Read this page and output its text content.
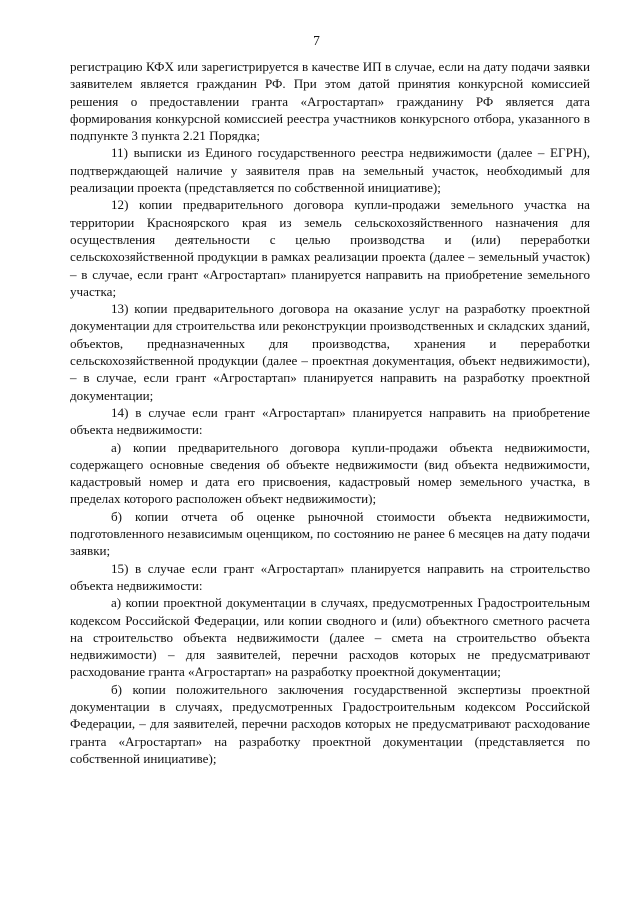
7

регистрацию КФХ или зарегистрируется в качестве ИП в случае, если на дату подачи заявки заявителем является гражданин РФ. При этом датой принятия конкурсной комиссией решения о предоставлении гранта «Агростартап» гражданину РФ является дата формирования конкурсной комиссией реестра участников конкурсного отбора, указанного в подпункте 3 пункта 2.21 Порядка;

11) выписки из Единого государственного реестра недвижимости (далее – ЕГРН), подтверждающей наличие у заявителя прав на земельный участок, необходимый для реализации проекта (представляется по собственной инициативе);

12) копии предварительного договора купли-продажи земельного участка на территории Красноярского края из земель сельскохозяйственного назначения для осуществления деятельности с целью производства и (или) переработки сельскохозяйственной продукции в рамках реализации проекта (далее – земельный участок) – в случае, если грант «Агростартап» планируется направить на приобретение земельного участка;

13) копии предварительного договора на оказание услуг на разработку проектной документации для строительства или реконструкции производственных и складских зданий, объектов, предназначенных для производства, хранения и переработки сельскохозяйственной продукции (далее – проектная документация, объект недвижимости), – в случае, если грант «Агростартап» планируется направить на разработку проектной документации;

14) в случае если грант «Агростартап» планируется направить на приобретение объекта недвижимости:

а) копии предварительного договора купли-продажи объекта недвижимости, содержащего основные сведения об объекте недвижимости (вид объекта недвижимости, кадастровый номер и дата его присвоения, кадастровый номер земельного участка, в пределах которого расположен объект недвижимости);

б) копии отчета об оценке рыночной стоимости объекта недвижимости, подготовленного независимым оценщиком, по состоянию не ранее 6 месяцев на дату подачи заявки;

15) в случае если грант «Агростартап» планируется направить на строительство объекта недвижимости:

а) копии проектной документации в случаях, предусмотренных Градостроительным кодексом Российской Федерации, или копии сводного и (или) объектного сметного расчета на строительство объекта недвижимости (далее – смета на строительство объекта недвижимости) – для заявителей, перечни расходов которых не предусматривают расходование гранта «Агростартап» на разработку проектной документации;

б) копии положительного заключения государственной экспертизы проектной документации в случаях, предусмотренных Градостроительным кодексом Российской Федерации, – для заявителей, перечни расходов которых не предусматривают расходование гранта «Агростартап» на разработку проектной документации (представляется по собственной инициативе);
